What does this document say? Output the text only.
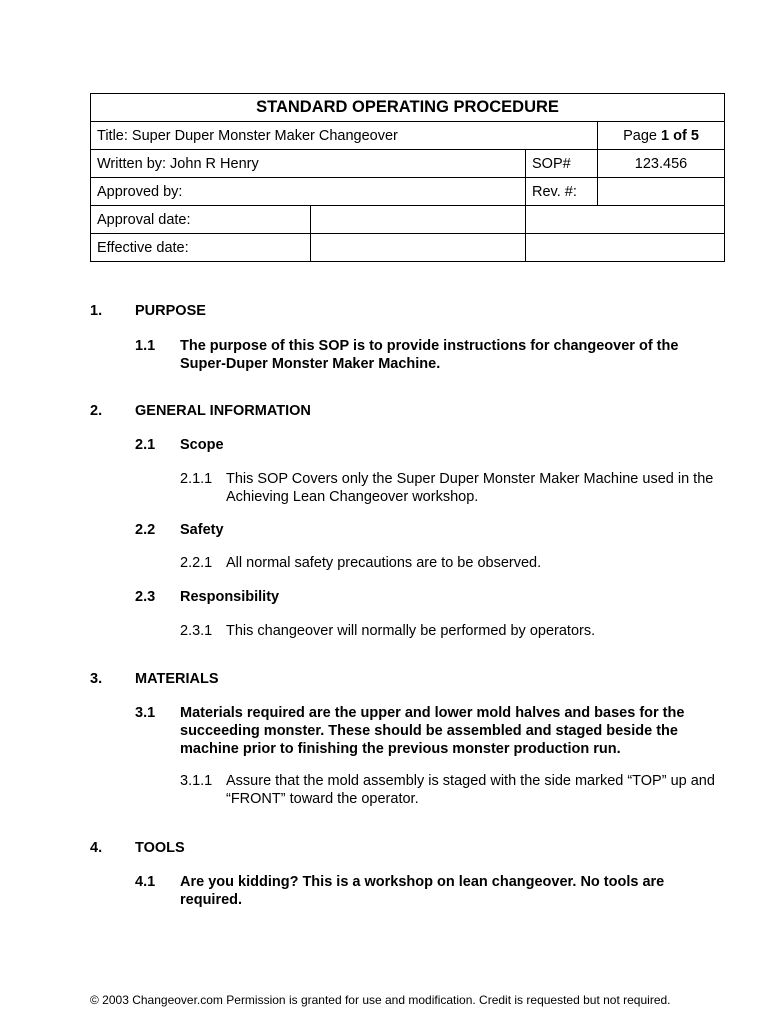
STANDARD OPERATING PROCEDURE			
Title: Super Duper Monster Maker Changeover			Page 1 of 5
Written by: John R Henry		SOP#	123.456
Approved by:		Rev. #:	
Approval date:			
Effective date:			
1. PURPOSE
1.1 The purpose of this SOP is to provide instructions for changeover of the Super-Duper Monster Maker Machine.
2. GENERAL INFORMATION
2.1 Scope
2.1.1 This SOP Covers only the Super Duper Monster Maker Machine used in the Achieving Lean Changeover workshop.
2.2 Safety
2.2.1 All normal safety precautions are to be observed.
2.3 Responsibility
2.3.1 This changeover will normally be performed by operators.
3. MATERIALS
3.1 Materials required are the upper and lower mold halves and bases for the succeeding monster. These should be assembled and staged beside the machine prior to finishing the previous monster production run.
3.1.1 Assure that the mold assembly is staged with the side marked “TOP” up and “FRONT” toward the operator.
4. TOOLS
4.1 Are you kidding? This is a workshop on lean changeover. No tools are required.
© 2003 Changeover.com Permission is granted for use and modification. Credit is requested but not required.
